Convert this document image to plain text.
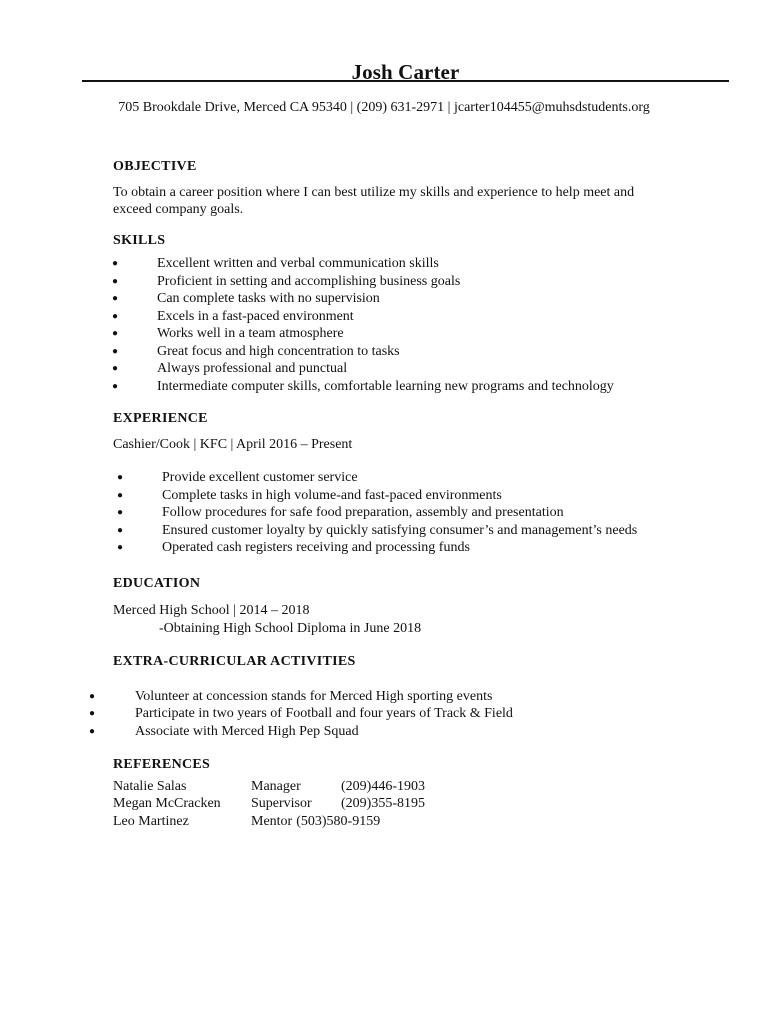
Josh Carter
705 Brookdale Drive, Merced CA 95340 | (209) 631-2971 | jcarter104455@muhsdstudents.org

OBJECTIVE

To obtain a career position where I can best utilize my skills and experience to help meet and exceed company goals.

SKILLS

●	Excellent written and verbal communication skills
●	Proficient in setting and accomplishing business goals
●	Can complete tasks with no supervision
●	Excels in a fast-paced environment
●	Works well in a team atmosphere
●	Great focus and high concentration to tasks
●	Always professional and punctual
●	Intermediate computer skills, comfortable learning new programs and technology

EXPERIENCE

Cashier/Cook | KFC | April 2016 – Present
●	Provide excellent customer service
●	Complete tasks in high volume-and fast-paced environments
●	Follow procedures for safe food preparation, assembly and presentation
●	Ensured customer loyalty by quickly satisfying consumer’s and management’s needs
●	Operated cash registers receiving and processing funds

EDUCATION

Merced High School | 2014 – 2018
-Obtaining High School Diploma in June 2018

EXTRA-CURRICULAR ACTIVITIES

●	Volunteer at concession stands for Merced High sporting events
●	Participate in two years of Football and four years of Track & Field
●	Associate with Merced High Pep Squad

REFERENCES

Natalie Salas	Manager	(209)446-1903
Megan McCracken	Supervisor	(209)355-8195
Leo Martinez	Mentor (503)580-9159
